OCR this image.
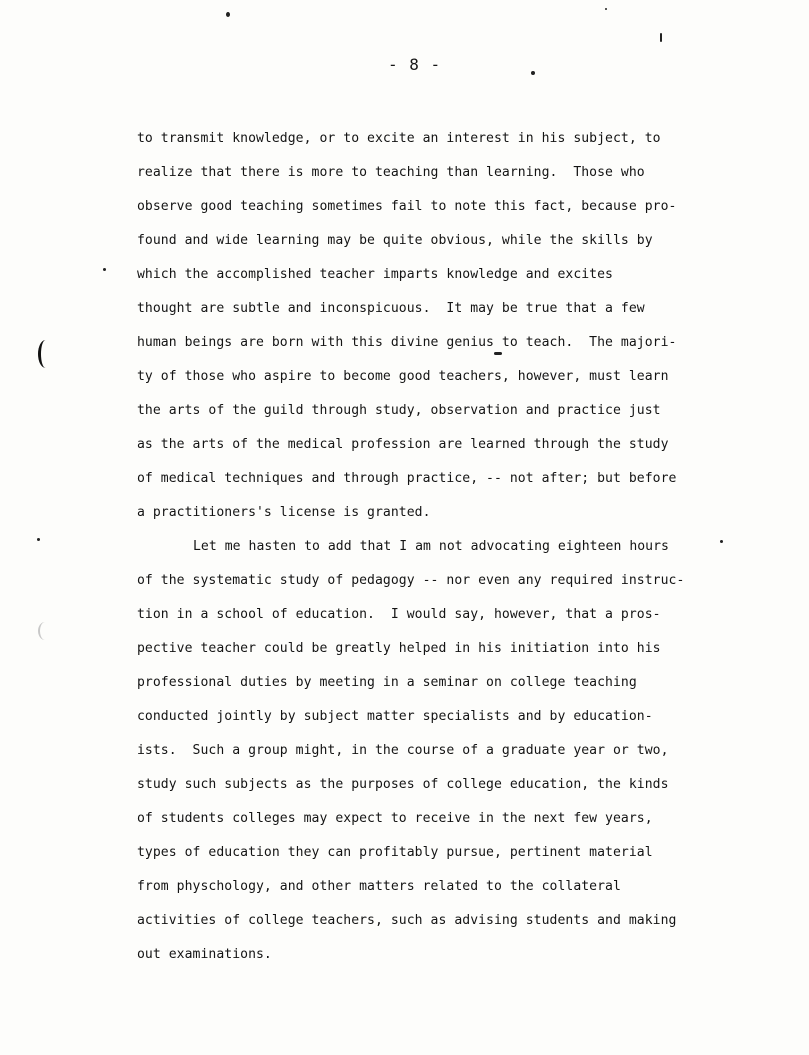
- 8 -
to transmit knowledge, or to excite an interest in his subject, to
realize that there is more to teaching than learning.  Those who
observe good teaching sometimes fail to note this fact, because pro-
found and wide learning may be quite obvious, while the skills by
which the accomplished teacher imparts knowledge and excites
thought are subtle and inconspicuous.  It may be true that a few
human beings are born with this divine genius to teach.  The majori-
ty of those who aspire to become good teachers, however, must learn
the arts of the guild through study, observation and practice just
as the arts of the medical profession are learned through the study
of medical techniques and through practice, -- not after; but before
a practitioners's license is granted.
Let me hasten to add that I am not advocating eighteen hours
of the systematic study of pedagogy -- nor even any required instruc-
tion in a school of education.  I would say, however, that a pros-
pective teacher could be greatly helped in his initiation into his
professional duties by meeting in a seminar on college teaching
conducted jointly by subject matter specialists and by education-
ists.  Such a group might, in the course of a graduate year or two,
study such subjects as the purposes of college education, the kinds
of students colleges may expect to receive in the next few years,
types of education they can profitably pursue, pertinent material
from physchology, and other matters related to the collateral
activities of college teachers, such as advising students and making
out examinations.
